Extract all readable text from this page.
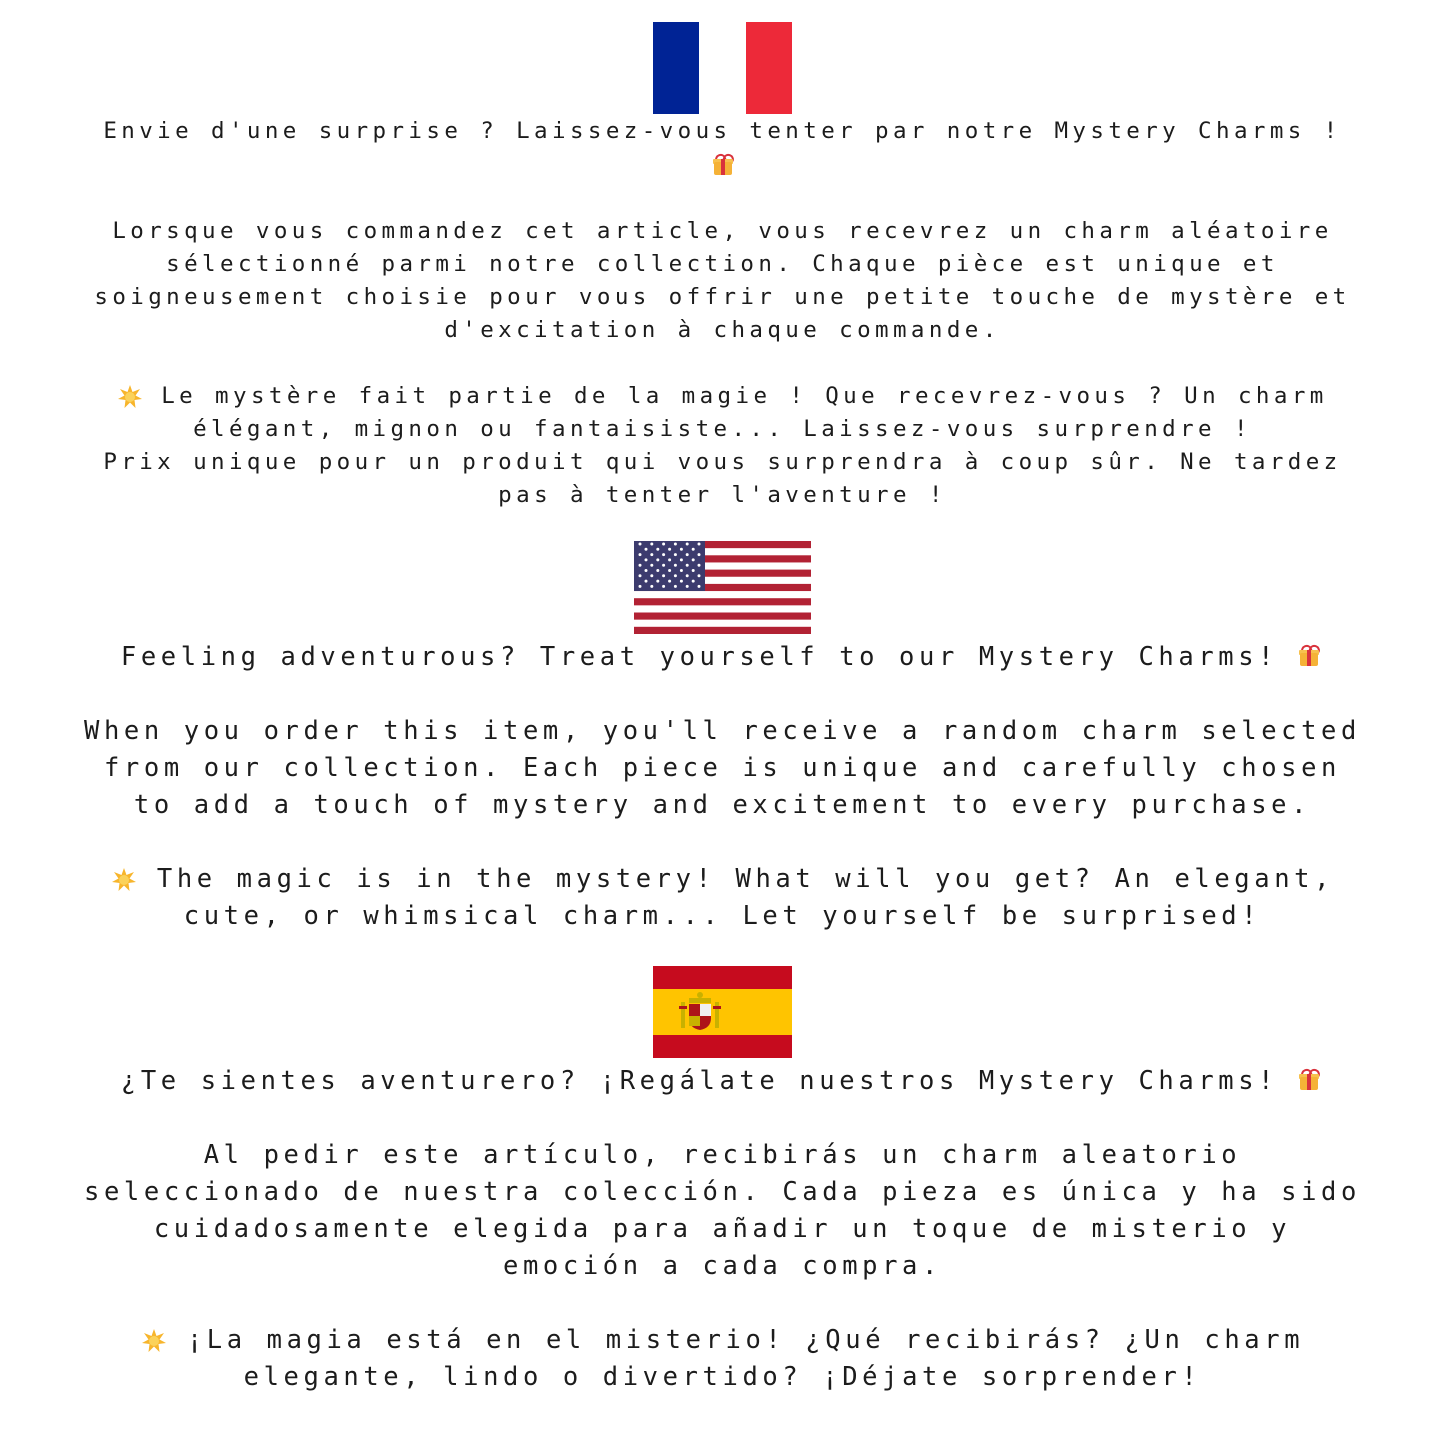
Envie d'une surprise ? Laissez-vous tenter par notre Mystery Charms !

Lorsque vous commandez cet article, vous recevrez un charm aléatoire
sélectionné parmi notre collection. Chaque pièce est unique et
soigneusement choisie pour vous offrir une petite touche de mystère et
d'excitation à chaque commande.

Le mystère fait partie de la magie ! Que recevrez-vous ? Un charm
élégant, mignon ou fantaisiste... Laissez-vous surprendre !

Prix unique pour un produit qui vous surprendra à coup sûr. Ne tardez
pas à tenter l'aventure !

Feeling adventurous? Treat yourself to our Mystery Charms!

When you order this item, you'll receive a random charm selected
from our collection. Each piece is unique and carefully chosen
to add a touch of mystery and excitement to every purchase.

The magic is in the mystery! What will you get? An elegant,
cute, or whimsical charm... Let yourself be surprised!

¿Te sientes aventurero? ¡Regálate nuestros Mystery Charms!

Al pedir este artículo, recibirás un charm aleatorio
seleccionado de nuestra colección. Cada pieza es única y ha sido
cuidadosamente elegida para añadir un toque de misterio y
emoción a cada compra.

¡La magia está en el misterio! ¿Qué recibirás? ¿Un charm
elegante, lindo o divertido? ¡Déjate sorprender!
